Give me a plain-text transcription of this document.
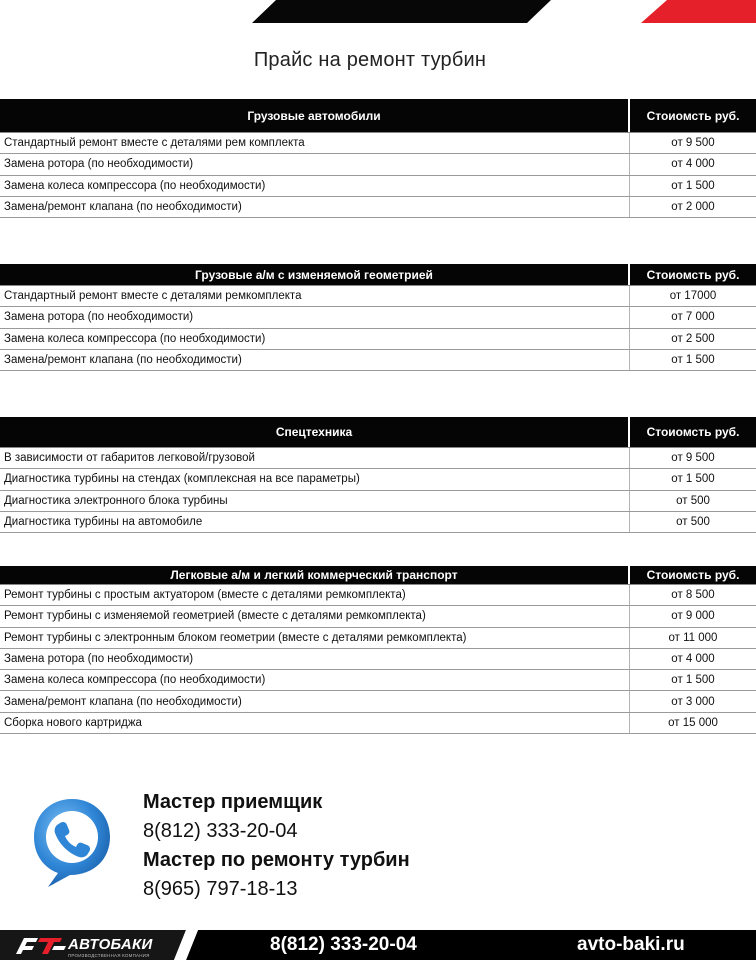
Прайс на ремонт турбин
Грузовые автомобили	Стоиомсть руб.
Стандартный ремонт вместе с деталями рем комплекта	от 9 500
Замена ротора (по необходимости)	от 4 000
Замена колеса компрессора (по необходимости)	от 1 500
Замена/ремонт клапана (по необходимости)	от 2 000
Грузовые а/м с изменяемой геометрией	Стоиомсть руб.
Стандартный ремонт вместе с деталями ремкомплекта	от 17000
Замена ротора (по необходимости)	от 7 000
Замена колеса компрессора (по необходимости)	от 2 500
Замена/ремонт клапана (по необходимости)	от 1 500
Спецтехника	Стоиомсть руб.
В зависимости от габаритов легковой/грузовой	от 9 500
Диагностика турбины на стендах (комплексная на все параметры)	от 1 500
Диагностика электронного блока турбины	от 500
Диагностика турбины на автомобиле	от 500
Легковые а/м и легкий коммерческий транспорт	Стоиомсть руб.
Ремонт турбины с простым актуатором (вместе с деталями ремкомплекта)	от 8 500
Ремонт турбины с изменяемой геометрией (вместе с деталями ремкомплекта)	от 9 000
Ремонт турбины с электронным блоком геометрии (вместе с деталями ремкомплекта)	от 11 000
Замена ротора (по необходимости)	от 4 000
Замена колеса компрессора (по необходимости)	от 1 500
Замена/ремонт клапана (по необходимости)	от 3 000
Сборка нового картриджа	от 15 000
Мастер приемщик
8(812) 333-20-04
Мастер по ремонту турбин
8(965) 797-18-13
АВТОБАКИ
ПРОИЗВОДСТВЕННАЯ КОМПАНИЯ
8(812) 333-20-04	avto-baki.ru
